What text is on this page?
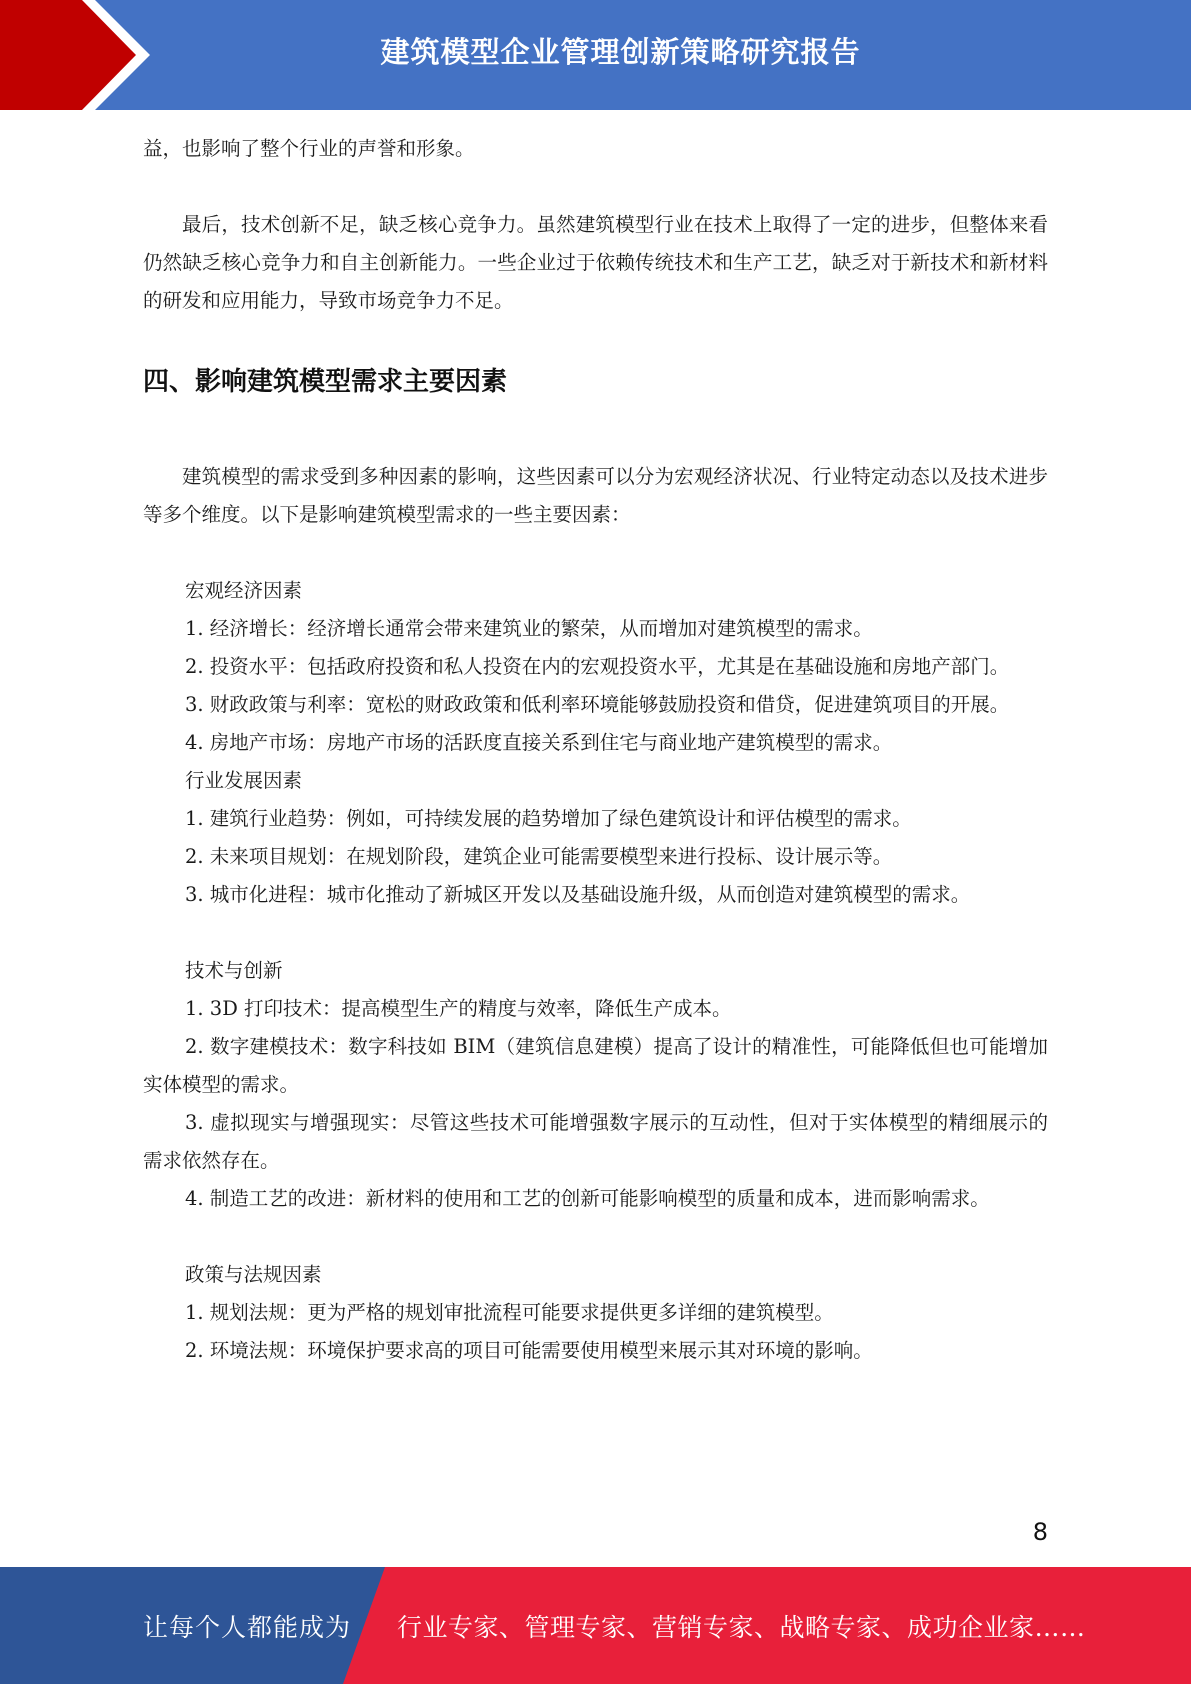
建筑模型企业管理创新策略研究报告

益，也影响了整个行业的声誉和形象。

最后，技术创新不足，缺乏核心竞争力。虽然建筑模型行业在技术上取得了一定的进步，但整体来看仍然缺乏核心竞争力和自主创新能力。一些企业过于依赖传统技术和生产工艺，缺乏对于新技术和新材料的研发和应用能力，导致市场竞争力不足。

四、影响建筑模型需求主要因素

建筑模型的需求受到多种因素的影响，这些因素可以分为宏观经济状况、行业特定动态以及技术进步等多个维度。以下是影响建筑模型需求的一些主要因素：

宏观经济因素

1. 经济增长：经济增长通常会带来建筑业的繁荣，从而增加对建筑模型的需求。

2. 投资水平：包括政府投资和私人投资在内的宏观投资水平，尤其是在基础设施和房地产部门。

3. 财政政策与利率：宽松的财政政策和低利率环境能够鼓励投资和借贷，促进建筑项目的开展。

4. 房地产市场：房地产市场的活跃度直接关系到住宅与商业地产建筑模型的需求。

行业发展因素

1. 建筑行业趋势：例如，可持续发展的趋势增加了绿色建筑设计和评估模型的需求。

2. 未来项目规划：在规划阶段，建筑企业可能需要模型来进行投标、设计展示等。

3. 城市化进程：城市化推动了新城区开发以及基础设施升级，从而创造对建筑模型的需求。

技术与创新

1. 3D 打印技术：提高模型生产的精度与效率，降低生产成本。

2. 数字建模技术：数字科技如 BIM（建筑信息建模）提高了设计的精准性，可能降低但也可能增加实体模型的需求。

3. 虚拟现实与增强现实：尽管这些技术可能增强数字展示的互动性，但对于实体模型的精细展示的需求依然存在。

4. 制造工艺的改进：新材料的使用和工艺的创新可能影响模型的质量和成本，进而影响需求。

政策与法规因素

1. 规划法规：更为严格的规划审批流程可能要求提供更多详细的建筑模型。

2. 环境法规：环境保护要求高的项目可能需要使用模型来展示其对环境的影响。

8
让每个人都能成为 行业专家、管理专家、营销专家、战略专家、成功企业家……
